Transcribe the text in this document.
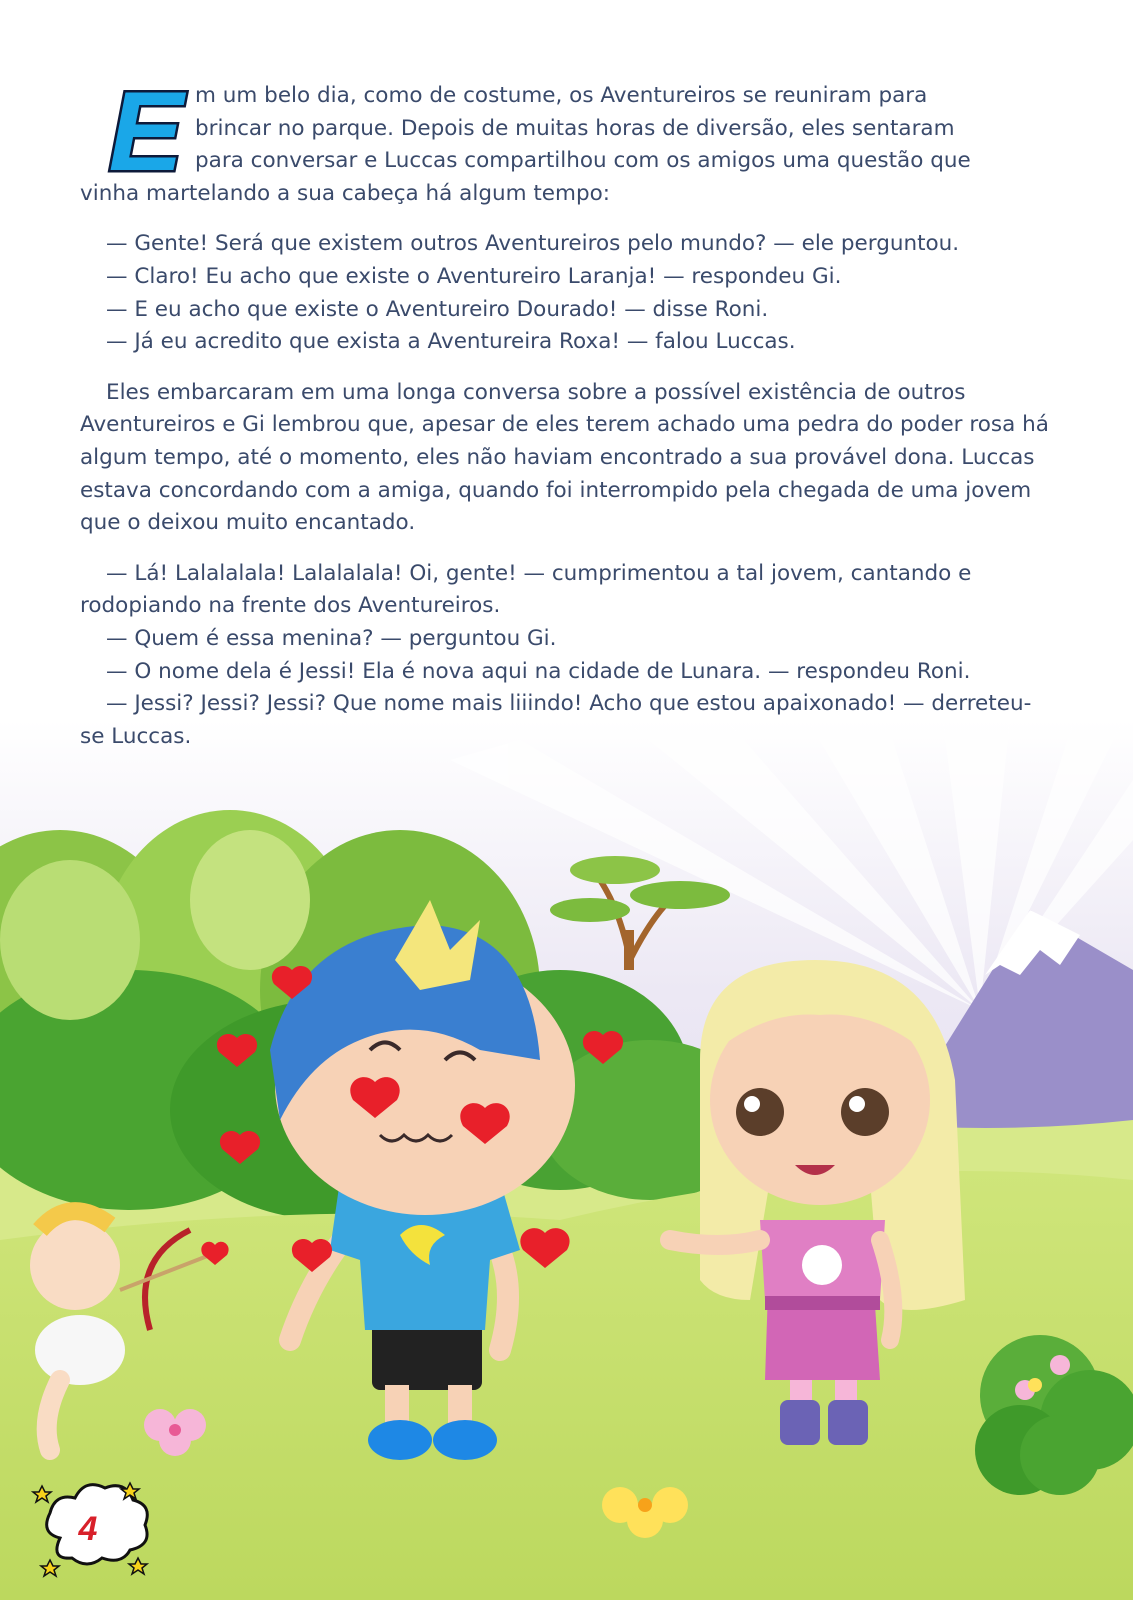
E m um belo dia, como de costume, os Aventureiros se reuniram para

brincar no parque. Depois de muitas horas de diversão, eles sentaram

para conversar e Luccas compartilhou com os amigos uma questão que

vinha martelando a sua cabeça há algum tempo:

— Gente! Será que existem outros Aventureiros pelo mundo? — ele perguntou.

— Claro! Eu acho que existe o Aventureiro Laranja! — respondeu Gi.

— E eu acho que existe o Aventureiro Dourado! — disse Roni.

— Já eu acredito que exista a Aventureira Roxa! — falou Luccas.

Eles embarcaram em uma longa conversa sobre a possível existência de outros Aventureiros e Gi lembrou que, apesar de eles terem achado uma pedra do poder rosa há algum tempo, até o momento, eles não haviam encontrado a sua provável dona. Luccas estava concordando com a amiga, quando foi interrompido pela chegada de uma jovem que o deixou muito encantado.

— Lá! Lalalalala! Lalalalala! Oi, gente! — cumprimentou a tal jovem, cantando e rodopiando na frente dos Aventureiros.

— Quem é essa menina? — perguntou Gi.

— O nome dela é Jessi! Ela é nova aqui na cidade de Lunara. — respondeu Roni.

— Jessi? Jessi? Jessi? Que nome mais liiindo! Acho que estou apaixonado! — derreteu-se Luccas.

4
